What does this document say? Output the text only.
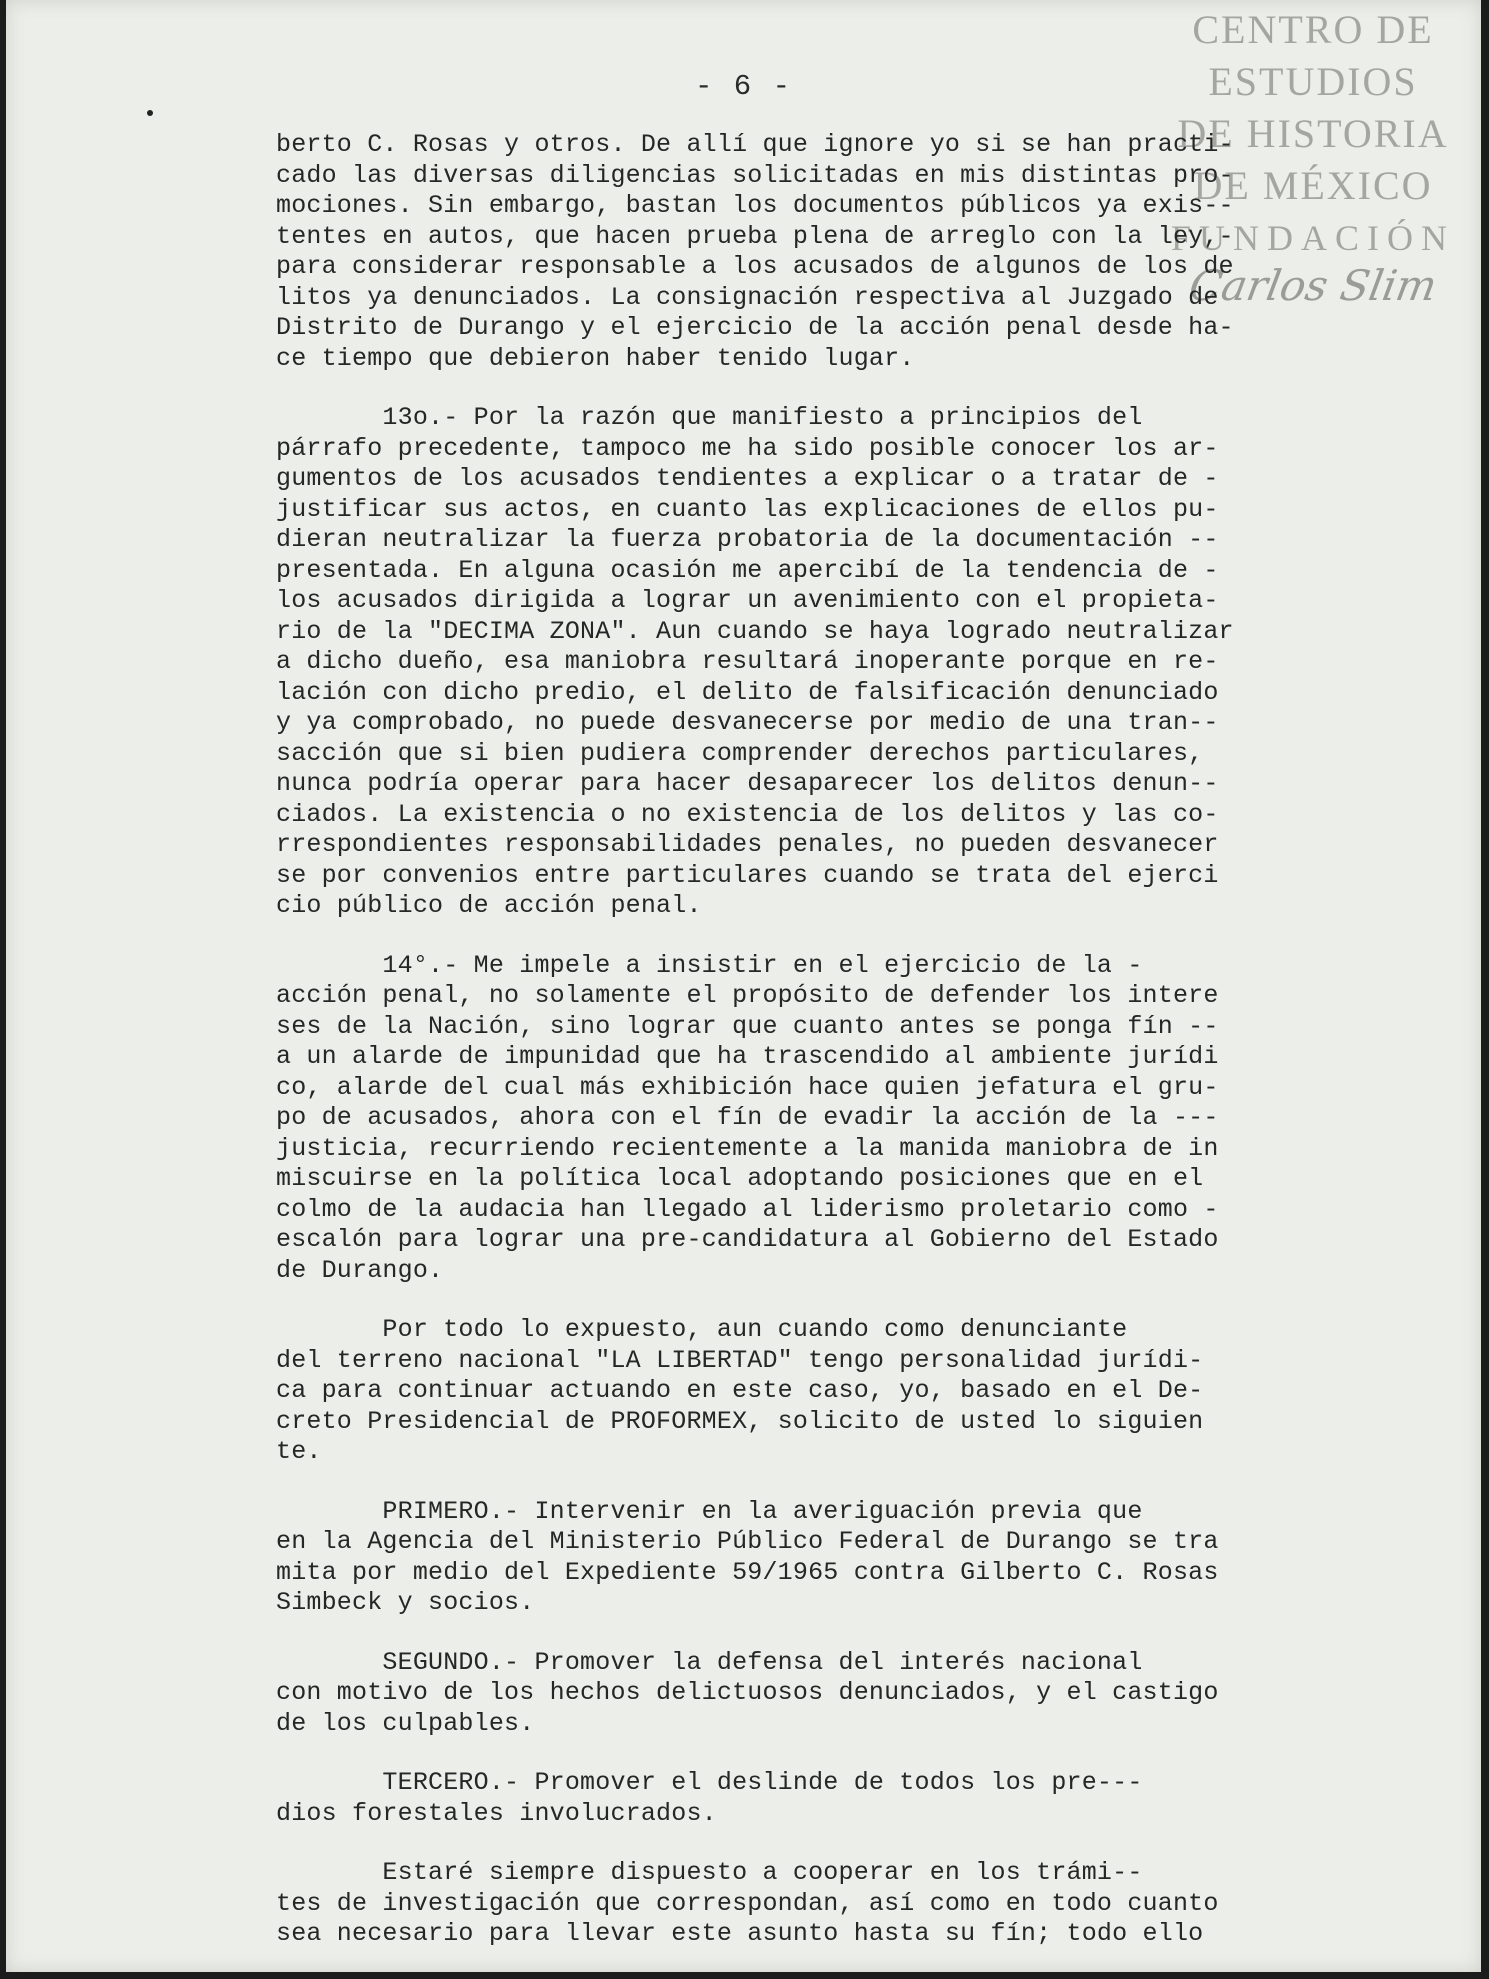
CENTRO DE
ESTUDIOS
DE HISTORIA
DE MÉXICO
FUNDACIÓN
Carlos Slim
- 6 -
berto C. Rosas y otros. De allí que ignore yo si se han practi-
cado las diversas diligencias solicitadas en mis distintas pro-
mociones. Sin embargo, bastan los documentos públicos ya exis--
tentes en autos, que hacen prueba plena de arreglo con la ley,-
para considerar responsable a los acusados de algunos de los de
litos ya denunciados. La consignación respectiva al Juzgado de
Distrito de Durango y el ejercicio de la acción penal desde ha-
ce tiempo que debieron haber tenido lugar.
13o.- Por la razón que manifiesto a principios del
párrafo precedente, tampoco me ha sido posible conocer los ar-
gumentos de los acusados tendientes a explicar o a tratar de -
justificar sus actos, en cuanto las explicaciones de ellos pu-
dieran neutralizar la fuerza probatoria de la documentación --
presentada. En alguna ocasión me apercibí de la tendencia de -
los acusados dirigida a lograr un avenimiento con el propieta-
rio de la "DECIMA ZONA". Aun cuando se haya logrado neutralizar
a dicho dueño, esa maniobra resultará inoperante porque en re-
lación con dicho predio, el delito de falsificación denunciado
y ya comprobado, no puede desvanecerse por medio de una tran--
sacción que si bien pudiera comprender derechos particulares,
nunca podría operar para hacer desaparecer los delitos denun--
ciados. La existencia o no existencia de los delitos y las co-
rrespondientes responsabilidades penales, no pueden desvanecer
se por convenios entre particulares cuando se trata del ejerci
cio público de acción penal.
14°.- Me impele a insistir en el ejercicio de la -
acción penal, no solamente el propósito de defender los intere
ses de la Nación, sino lograr que cuanto antes se ponga fín --
a un alarde de impunidad que ha trascendido al ambiente jurídi
co, alarde del cual más exhibición hace quien jefatura el gru-
po de acusados, ahora con el fín de evadir la acción de la ---
justicia, recurriendo recientemente a la manida maniobra de in
miscuirse en la política local adoptando posiciones que en el
colmo de la audacia han llegado al liderismo proletario como -
escalón para lograr una pre-candidatura al Gobierno del Estado
de Durango.
Por todo lo expuesto, aun cuando como denunciante
del terreno nacional "LA LIBERTAD" tengo personalidad jurídi-
ca para continuar actuando en este caso, yo, basado en el De-
creto Presidencial de PROFORMEX, solicito de usted lo siguien
te.
PRIMERO.- Intervenir en la averiguación previa que
en la Agencia del Ministerio Público Federal de Durango se tra
mita por medio del Expediente 59/1965 contra Gilberto C. Rosas
Simbeck y socios.
SEGUNDO.- Promover la defensa del interés nacional
con motivo de los hechos delictuosos denunciados, y el castigo
de los culpables.
TERCERO.- Promover el deslinde de todos los pre---
dios forestales involucrados.
Estaré siempre dispuesto a cooperar en los trámi--
tes de investigación que correspondan, así como en todo cuanto
sea necesario para llevar este asunto hasta su fín; todo ello
